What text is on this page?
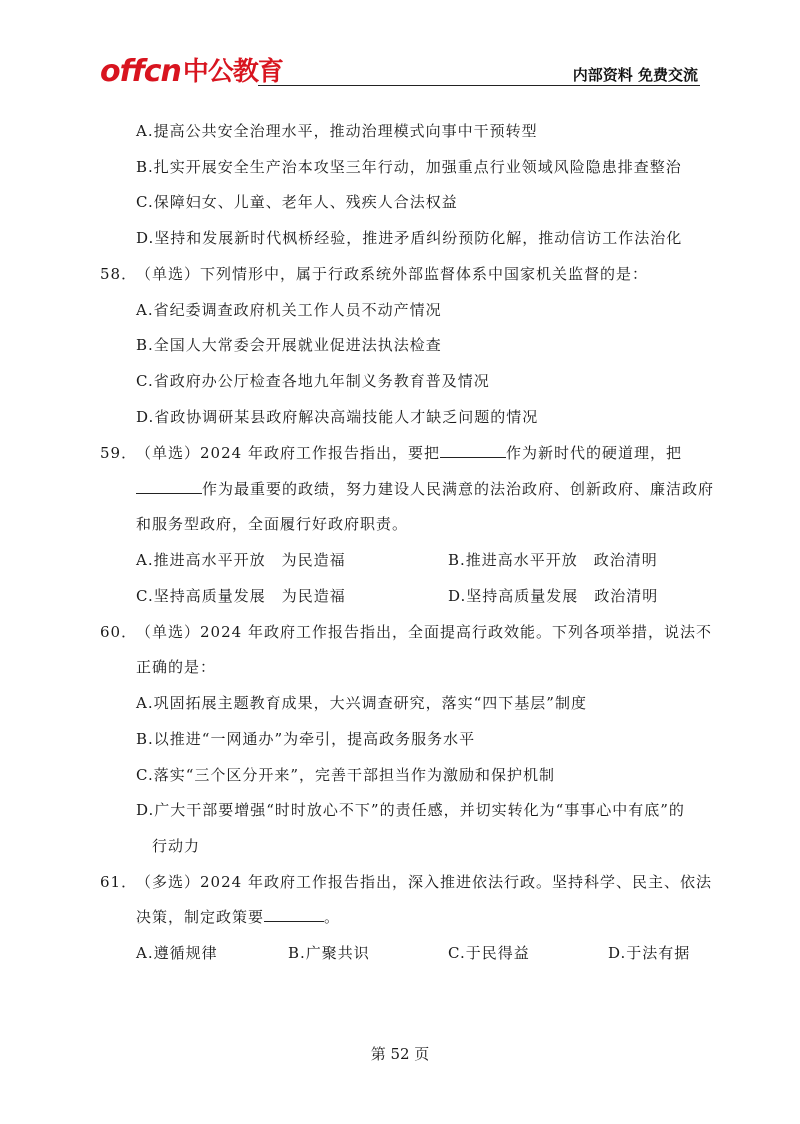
offcn 中公教育	内部资料 免费交流
A.提高公共安全治理水平，推动治理模式向事中干预转型
B.扎实开展安全生产治本攻坚三年行动，加强重点行业领域风险隐患排查整治
C.保障妇女、儿童、老年人、残疾人合法权益
D.坚持和发展新时代枫桥经验，推进矛盾纠纷预防化解，推动信访工作法治化
58．
（单选）下列情形中，属于行政系统外部监督体系中国家机关监督的是：
A.省纪委调查政府机关工作人员不动产情况
B.全国人大常委会开展就业促进法执法检查
C.省政府办公厅检查各地九年制义务教育普及情况
D.省政协调研某县政府解决高端技能人才缺乏问题的情况
59．
（单选）2024 年政府工作报告指出，要把	作为新时代的硬道理，把
作为最重要的政绩，努力建设人民满意的法治政府、创新政府、廉洁政府
和服务型政府，全面履行好政府职责。
A.推进高水平开放　为民造福	B.推进高水平开放　政治清明
C.坚持高质量发展　为民造福	D.坚持高质量发展　政治清明
60．
（单选）2024 年政府工作报告指出，全面提高行政效能。下列各项举措，说法不
正确的是：
A.巩固拓展主题教育成果，大兴调查研究，落实“四下基层”制度
B.以推进“一网通办”为牵引，提高政务服务水平
C.落实“三个区分开来”，完善干部担当作为激励和保护机制
D.广大干部要增强“时时放心不下”的责任感，并切实转化为“事事心中有底”的
行动力
61．
（多选）2024 年政府工作报告指出，深入推进依法行政。坚持科学、民主、依法
决策，制定政策要	。
A.遵循规律	B.广聚共识	C.于民得益	D.于法有据
第 52 页
